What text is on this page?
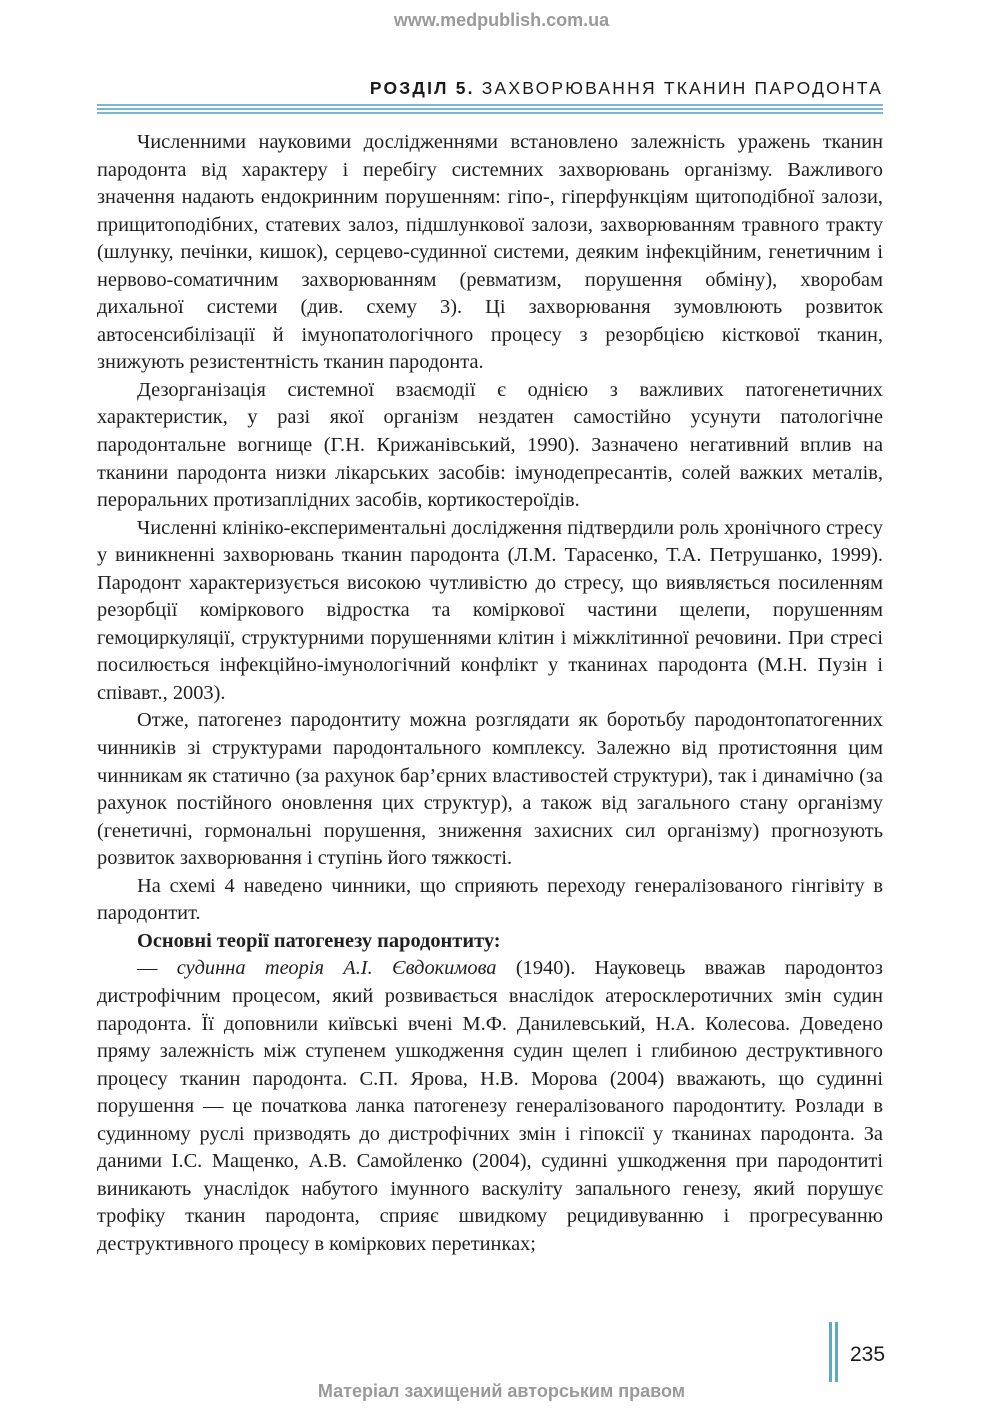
www.medpublish.com.ua
РОЗДІЛ 5. ЗАХВОРЮВАННЯ ТКАНИН ПАРОДОНТА

Численними науковими дослідженнями встановлено залежність уражень тканин пародонта від характеру і перебігу системних захворювань організму. Важливого значення надають ендокринним порушенням: гіпо-, гіперфункціям щитоподібної залози, прищитоподібних, статевих залоз, підшлункової залози, захворюванням травного тракту (шлунку, печінки, кишок), серцево-судинної системи, деяким інфекційним, генетичним і нервово-соматичним захворюванням (ревматизм, порушення обміну), хворобам дихальної системи (див. схему 3). Ці захворювання зумовлюють розвиток автосенсибілізації й імунопатологічного процесу з резорбцією кісткової тканин, знижують резистентність тканин пародонта.

Дезорганізація системної взаємодії є однією з важливих патогенетичних характеристик, у разі якої організм нездатен самостійно усунути патологічне пародонтальне вогнище (Г.Н. Крижанівський, 1990). Зазначено негативний вплив на тканини пародонта низки лікарських засобів: імунодепресантів, солей важких металів, пероральних протизаплідних засобів, кортикостероїдів.

Численні клініко-експериментальні дослідження підтвердили роль хронічного стресу у виникненні захворювань тканин пародонта (Л.М. Тарасенко, Т.А. Петрушанко, 1999). Пародонт характеризується високою чутливістю до стресу, що виявляється посиленням резорбції коміркового відростка та коміркової частини щелепи, порушенням гемоциркуляції, структурними порушеннями клітин і міжклітинної речовини. При стресі посилюється інфекційно-імунологічний конфлікт у тканинах пародонта (М.Н. Пузін і співавт., 2003).

Отже, патогенез пародонтиту можна розглядати як боротьбу пародонтопатогенних чинників зі структурами пародонтального комплексу. Залежно від протистояння цим чинникам як статично (за рахунок бар’єрних властивостей структури), так і динамічно (за рахунок постійного оновлення цих структур), а також від загального стану організму (генетичні, гормональні порушення, зниження захисних сил організму) прогнозують розвиток захворювання і ступінь його тяжкості.

На схемі 4 наведено чинники, що сприяють переходу генералізованого гінгівіту в пародонтит.

Основні теорії патогенезу пародонтиту:

— судинна теорія А.І. Євдокимова (1940). Науковець вважав пародонтоз дистрофічним процесом, який розвивається внаслідок атеросклеротичних змін судин пародонта. Її доповнили київські вчені М.Ф. Данилевський, Н.А. Колесова. Доведено пряму залежність між ступенем ушкодження судин щелеп і глибиною деструктивного процесу тканин пародонта. С.П. Ярова, Н.В. Морова (2004) вважають, що судинні порушення — це початкова ланка патогенезу генералізованого пародонтиту. Розлади в судинному руслі призводять до дистрофічних змін і гіпоксії у тканинах пародонта. За даними І.С. Мащенко, А.В. Самойленко (2004), судинні ушкодження при пародонтиті виникають унаслідок набутого імунного васкуліту запального генезу, який порушує трофіку тканин пародонта, сприяє швидкому рецидивуванню і прогресуванню деструктивного процесу в коміркових перетинках;

235
Матеріал захищений авторським правом
